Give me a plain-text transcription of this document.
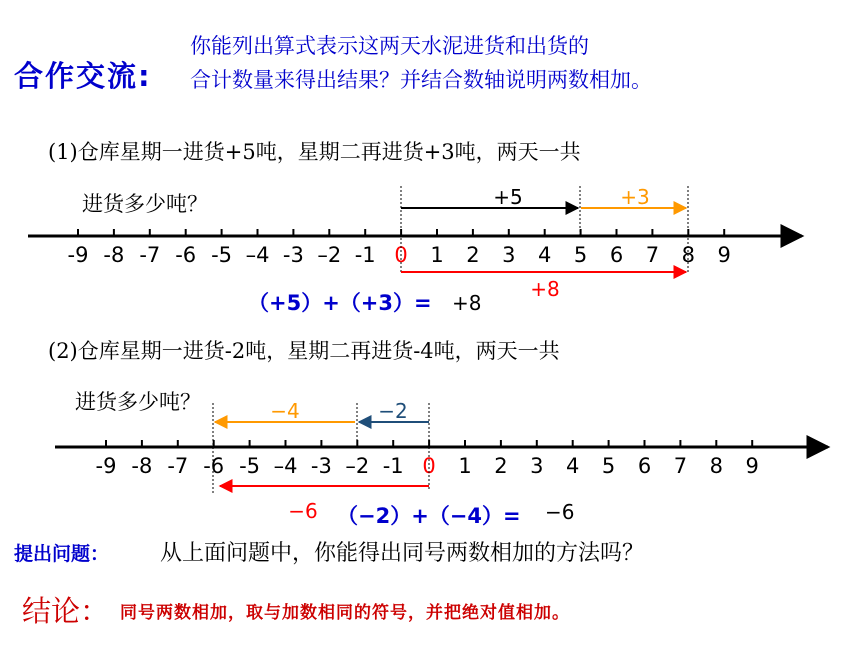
合作交流:
你能列出算式表示这两天水泥进货和出货的
合计数量来得出结果？并结合数轴说明两数相加。
(1)仓库星期一进货+5吨，星期二再进货+3吨，两天一共
进货多少吨？
(2)仓库星期一进货-2吨，星期二再进货-4吨，两天一共
进货多少吨？
-9 -8 -7 -6 -5 –4 -3 –2 -1 0 1 2 3 4 5 6 7 8 9
+5	+3
+8
（+5）+（+3）= +8
-9 -8 -7 -6 -5 –4 -3 –2 -1 0 1 2 3 4 5 6 7 8 9
−2
−4
−6 （−2）+（−4）= −6
提出问题： 从上面问题中，你能得出同号两数相加的方法吗？
结论： 同号两数相加，取与加数相同的符号，并把绝对值相加。
